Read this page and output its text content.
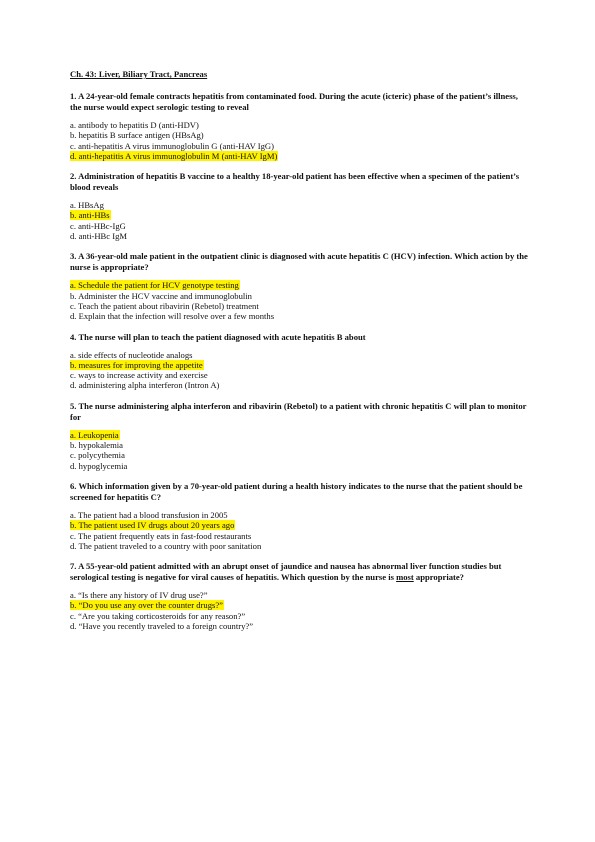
Ch. 43: Liver, Biliary Tract, Pancreas
1. A 24-year-old female contracts hepatitis from contaminated food. During the acute (icteric) phase of the patient’s illness, the nurse would expect serologic testing to reveal
a. antibody to hepatitis D (anti-HDV)
b. hepatitis B surface antigen (HBsAg)
c. anti-hepatitis A virus immunoglobulin G (anti-HAV IgG)
d. anti-hepatitis A virus immunoglobulin M (anti-HAV IgM)
2. Administration of hepatitis B vaccine to a healthy 18-year-old patient has been effective when a specimen of the patient’s blood reveals
a. HBsAg
b. anti-HBs
c. anti-HBc-IgG
d. anti-HBc IgM
3. A 36-year-old male patient in the outpatient clinic is diagnosed with acute hepatitis C (HCV) infection. Which action by the nurse is appropriate?
a. Schedule the patient for HCV genotype testing
b. Administer the HCV vaccine and immunoglobulin
c. Teach the patient about ribavirin (Rebetol) treatment
d. Explain that the infection will resolve over a few months
4. The nurse will plan to teach the patient diagnosed with acute hepatitis B about
a. side effects of nucleotide analogs
b. measures for improving the appetite
c. ways to increase activity and exercise
d. administering alpha interferon (Intron A)
5. The nurse administering alpha interferon and ribavirin (Rebetol) to a patient with chronic hepatitis C will plan to monitor for
a. Leukopenia
b. hypokalemia
c. polycythemia
d. hypoglycemia
6. Which information given by a 70-year-old patient during a health history indicates to the nurse that the patient should be screened for hepatitis C?
a. The patient had a blood transfusion in 2005
b. The patient used IV drugs about 20 years ago
c. The patient frequently eats in fast-food restaurants
d. The patient traveled to a country with poor sanitation
7. A 55-year-old patient admitted with an abrupt onset of jaundice and nausea has abnormal liver function studies but serological testing is negative for viral causes of hepatitis. Which question by the nurse is most appropriate?
a. “Is there any history of IV drug use?”
b. “Do you use any over the counter drugs?”
c. “Are you taking corticosteroids for any reason?”
d. “Have you recently traveled to a foreign country?”
